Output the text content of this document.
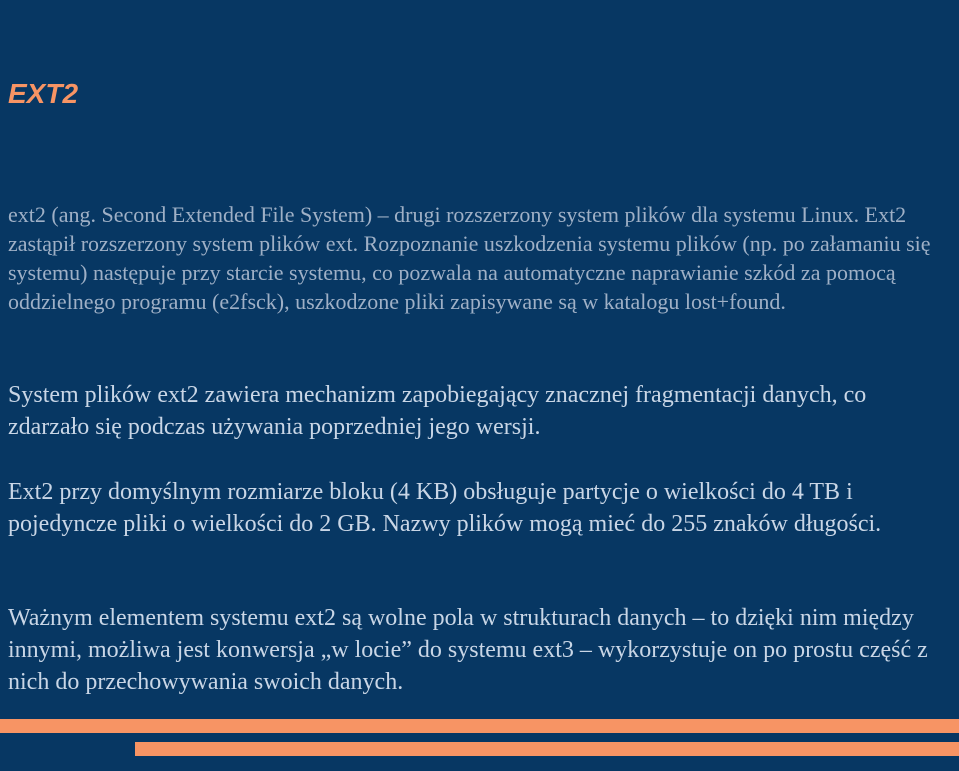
EXT2

ext2 (ang. Second Extended File System) – drugi rozszerzony system plików dla systemu Linux. Ext2 zastąpił rozszerzony system plików ext. Rozpoznanie uszkodzenia systemu plików (np. po załamaniu się systemu) następuje przy starcie systemu, co pozwala na automatyczne naprawianie szkód za pomocą oddzielnego programu (e2fsck), uszkodzone pliki zapisywane są w katalogu lost+found.

System plików ext2 zawiera mechanizm zapobiegający znacznej fragmentacji danych, co zdarzało się podczas używania poprzedniej jego wersji.

Ext2 przy domyślnym rozmiarze bloku (4 KB) obsługuje partycje o wielkości do 4 TB i pojedyncze pliki o wielkości do 2 GB. Nazwy plików mogą mieć do 255 znaków długości.

Ważnym elementem systemu ext2 są wolne pola w strukturach danych – to dzięki nim między innymi, możliwa jest konwersja „w locie” do systemu ext3 – wykorzystuje on po prostu część z nich do przechowywania swoich danych.
